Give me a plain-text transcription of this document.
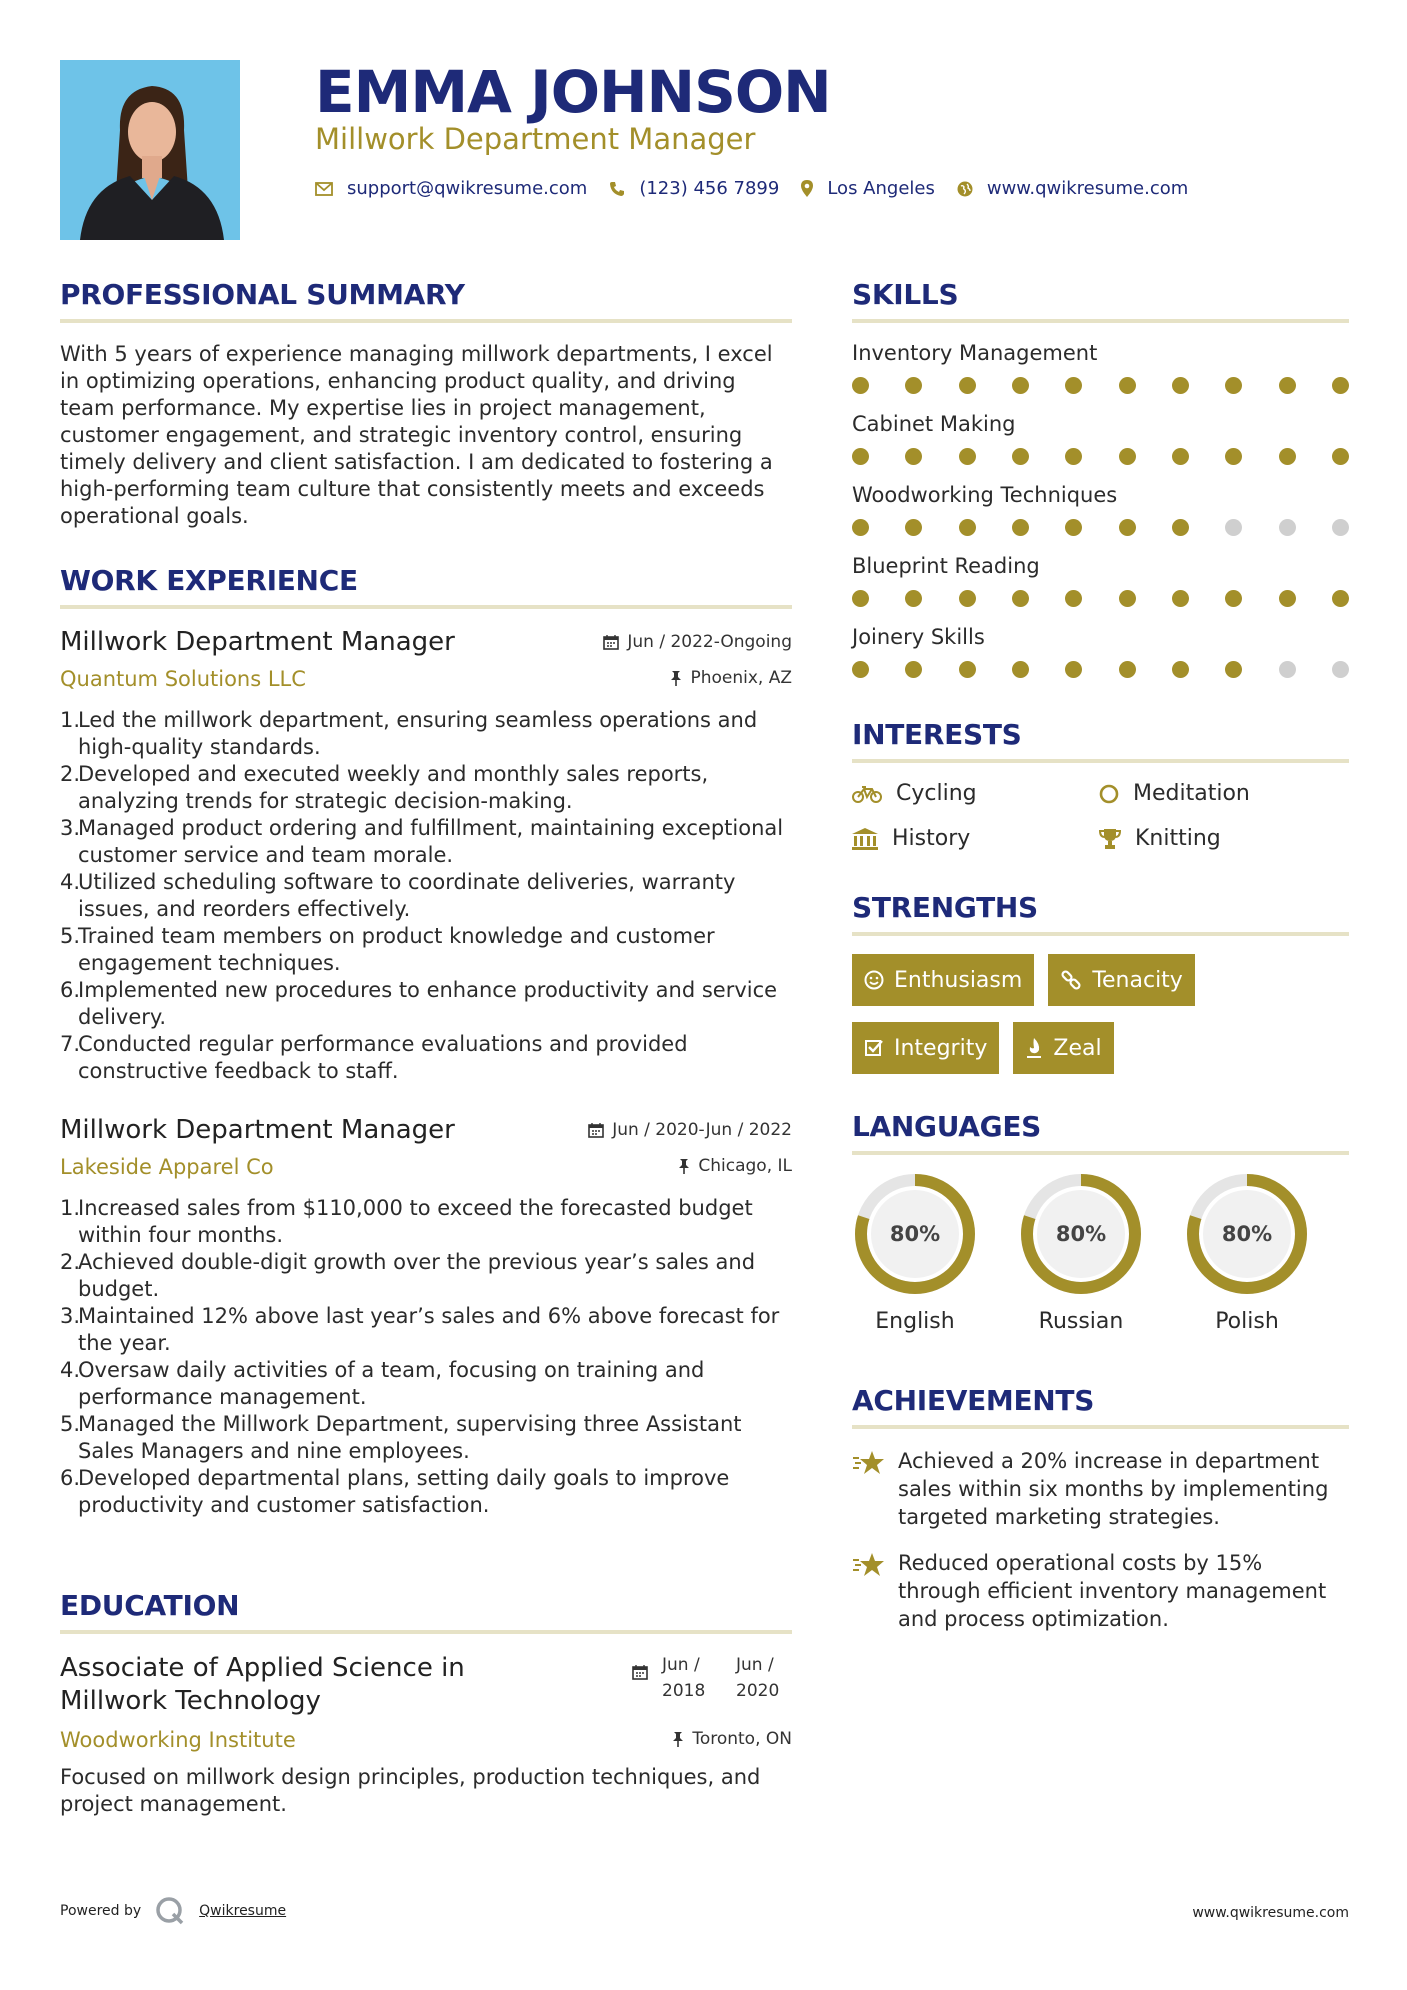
EMMA JOHNSON
Millwork Department Manager
support@qwikresume.com	(123) 456 7899	Los Angeles	www.qwikresume.com
PROFESSIONAL SUMMARY

With 5 years of experience managing millwork departments, I excel in optimizing operations, enhancing product quality, and driving team performance. My expertise lies in project management, customer engagement, and strategic inventory control, ensuring timely delivery and client satisfaction. I am dedicated to fostering a high-performing team culture that consistently meets and exceeds operational goals.

WORK EXPERIENCE
Millwork Department Manager	Jun / 2022-Ongoing
Quantum Solutions LLC	Phoenix, AZ
1.
Led the millwork department, ensuring seamless operations and high-quality standards.
2.
Developed and executed weekly and monthly sales reports, analyzing trends for strategic decision-making.
3.
Managed product ordering and fulfillment, maintaining exceptional customer service and team morale.
4.
Utilized scheduling software to coordinate deliveries, warranty issues, and reorders effectively.
5.
Trained team members on product knowledge and customer engagement techniques.
6.
Implemented new procedures to enhance productivity and service delivery.
7.
Conducted regular performance evaluations and provided constructive feedback to staff.
Millwork Department Manager	Jun / 2020-Jun / 2022
Lakeside Apparel Co	Chicago, IL
1.
Increased sales from $110,000 to exceed the forecasted budget within four months.
2.
Achieved double-digit growth over the previous year’s sales and budget.
3.
Maintained 12% above last year’s sales and 6% above forecast for the year.
4.
Oversaw daily activities of a team, focusing on training and performance management.
5.
Managed the Millwork Department, supervising three Assistant Sales Managers and nine employees.
6.
Developed departmental plans, setting daily goals to improve productivity and customer satisfaction.
EDUCATION
Associate of Applied Science in Millwork Technology
Jun / 2018
Jun / 2020
Woodworking Institute	Toronto, ON

Focused on millwork design principles, production techniques, and project management.

SKILLS
Inventory Management
Cabinet Making
Woodworking Techniques
Blueprint Reading
Joinery Skills
INTERESTS
Cycling	Meditation
History	Knitting
STRENGTHS
Enthusiasm	Tenacity
Integrity	Zeal
LANGUAGES
80%
English
80%
Russian
80%
Polish
ACHIEVEMENTS
Achieved a 20% increase in department sales within six months by implementing targeted marketing strategies.
Reduced operational costs by 15% through efficient inventory management and process optimization.
Powered by	Qwikresume	www.qwikresume.com
